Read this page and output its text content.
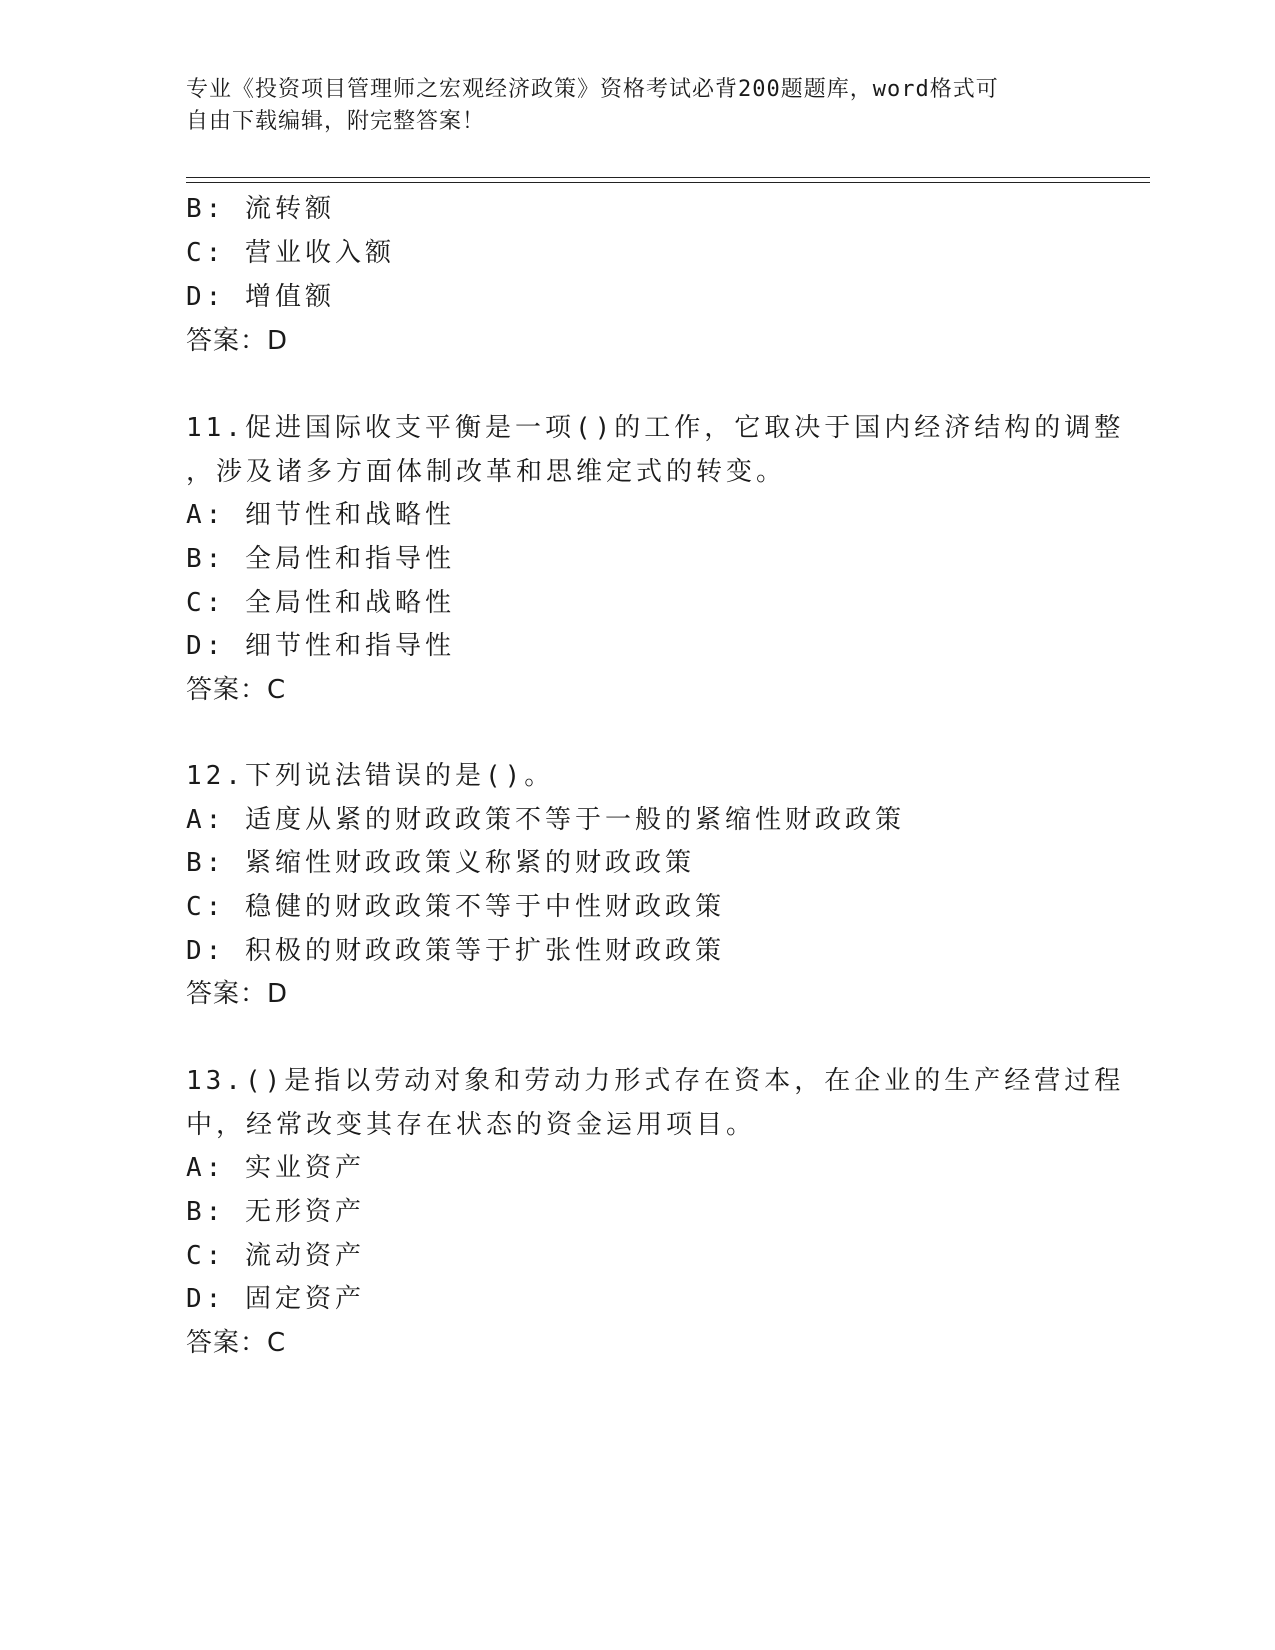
专业《投资项目管理师之宏观经济政策》资格考试必背200题题库，word格式可
自由下载编辑，附完整答案！
B: 流转额
C: 营业收入额
D: 增值额
答案：D
11.促进国际收支平衡是一项()的工作，它取决于国内经济结构的调整
，涉及诸多方面体制改革和思维定式的转变。
A: 细节性和战略性
B: 全局性和指导性
C: 全局性和战略性
D: 细节性和指导性
答案：C
12.下列说法错误的是()。
A: 适度从紧的财政政策不等于一般的紧缩性财政政策
B: 紧缩性财政政策义称紧的财政政策
C: 稳健的财政政策不等于中性财政政策
D: 积极的财政政策等于扩张性财政政策
答案：D
13.()是指以劳动对象和劳动力形式存在资本，在企业的生产经营过程
中，经常改变其存在状态的资金运用项目。
A: 实业资产
B: 无形资产
C: 流动资产
D: 固定资产
答案：C
